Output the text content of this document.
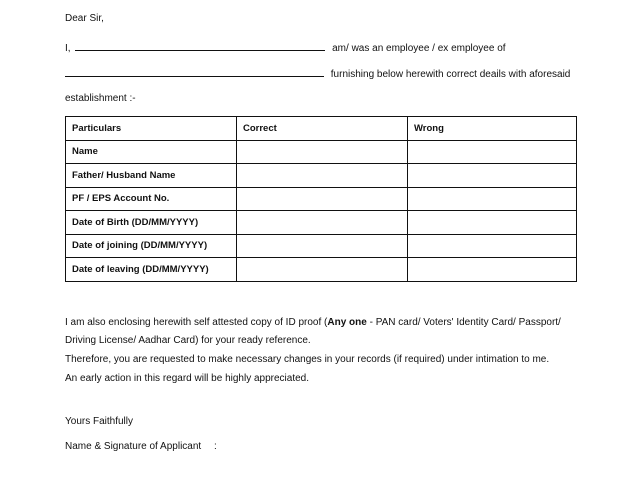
Dear Sir,
I,	am/ was an employee / ex employee of
furnishing below herewith correct deails with aforesaid
establishment :-
Particulars	Correct	Wrong
Name		
Father/ Husband Name		
PF / EPS Account No.		
Date of Birth (DD/MM/YYYY)		
Date of joining (DD/MM/YYYY)		
Date of leaving (DD/MM/YYYY)		
I am also enclosing herewith self attested copy of ID proof (Any one - PAN card/ Voters' Identity Card/ Passport/
Driving License/ Aadhar Card) for your ready reference.
Therefore, you are requested to make necessary changes in your records (if required) under intimation to me.
An early action in this regard will be highly appreciated.
Yours Faithfully
Name & Signature of Applicant :
